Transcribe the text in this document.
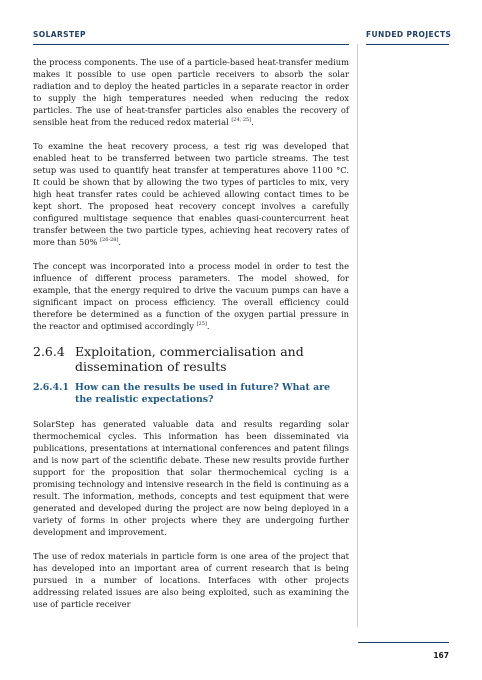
SOLARSTEP	FUNDED PROJECTS

the process components. The use of a particle-based heat-transfer medium makes it possible to use open particle receivers to absorb the solar radiation and to deploy the heated particles in a separate reactor in order to supply the high temperatures needed when reducing the redox particles. The use of heat-transfer particles also enables the recovery of sensible heat from the reduced redox material [24, 25].

To examine the heat recovery process, a test rig was developed that enabled heat to be transferred between two particle streams. The test setup was used to quantify heat transfer at temperatures above 1100 °C. It could be shown that by allowing the two types of particles to mix, very high heat transfer rates could be achieved allowing contact times to be kept short. The proposed heat recovery concept involves a carefully configured multistage sequence that enables quasi-countercurrent heat transfer between the two particle types, achieving heat recovery rates of more than 50% [26-28].

The concept was incorporated into a process model in order to test the influence of different process parameters. The model showed, for example, that the energy required to drive the vacuum pumps can have a significant impact on process efficiency. The overall efficiency could therefore be determined as a function of the oxygen partial pressure in the reactor and optimised accordingly [25].

2.6.4 Exploitation, commercialisation and dissemination of results
2.6.4.1 How can the results be used in future? What are the realistic expectations?

SolarStep has generated valuable data and results regarding solar thermochemical cycles. This information has been disseminated via publications, presentations at international conferences and patent filings and is now part of the scientific debate. These new results provide further support for the proposition that solar thermochemical cycling is a promising technology and intensive research in the field is continuing as a result. The information, methods, concepts and test equipment that were generated and developed during the project are now being deployed in a variety of forms in other projects where they are undergoing further development and improvement.

The use of redox materials in particle form is one area of the project that has developed into an important area of current research that is being pursued in a number of locations. Interfaces with other projects addressing related issues are also being exploited, such as examining the use of particle receiver

167
